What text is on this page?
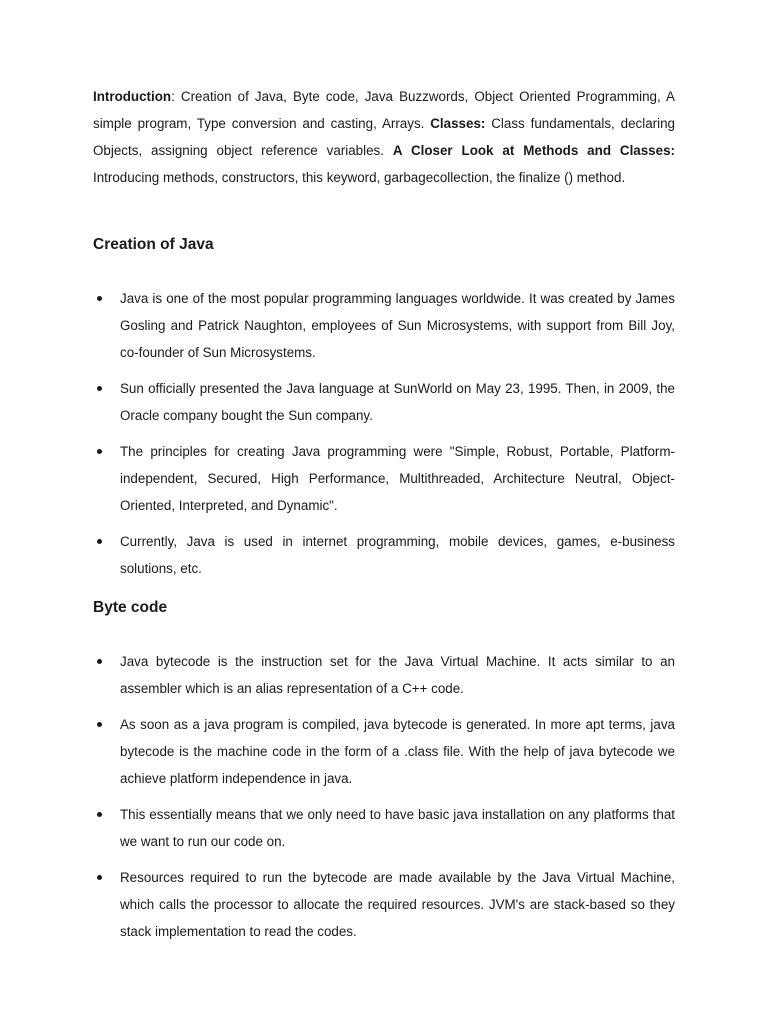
Introduction: Creation of Java, Byte code, Java Buzzwords, Object Oriented Programming, A simple program, Type conversion and casting, Arrays. Classes: Class fundamentals, declaring Objects, assigning object reference variables. A Closer Look at Methods and Classes: Introducing methods, constructors, this keyword, garbagecollection, the finalize () method.

Creation of Java
Java is one of the most popular programming languages worldwide. It was created by James Gosling and Patrick Naughton, employees of Sun Microsystems, with support from Bill Joy, co-founder of Sun Microsystems.
Sun officially presented the Java language at SunWorld on May 23, 1995. Then, in 2009, the Oracle company bought the Sun company.
The principles for creating Java programming were "Simple, Robust, Portable, Platform-independent, Secured, High Performance, Multithreaded, Architecture Neutral, Object-Oriented, Interpreted, and Dynamic".
Currently, Java is used in internet programming, mobile devices, games, e-business solutions, etc.
Byte code
Java bytecode is the instruction set for the Java Virtual Machine. It acts similar to an assembler which is an alias representation of a C++ code.
As soon as a java program is compiled, java bytecode is generated. In more apt terms, java bytecode is the machine code in the form of a .class file. With the help of java bytecode we achieve platform independence in java.
This essentially means that we only need to have basic java installation on any platforms that we want to run our code on.
Resources required to run the bytecode are made available by the Java Virtual Machine, which calls the processor to allocate the required resources. JVM's are stack-based so they stack implementation to read the codes.
